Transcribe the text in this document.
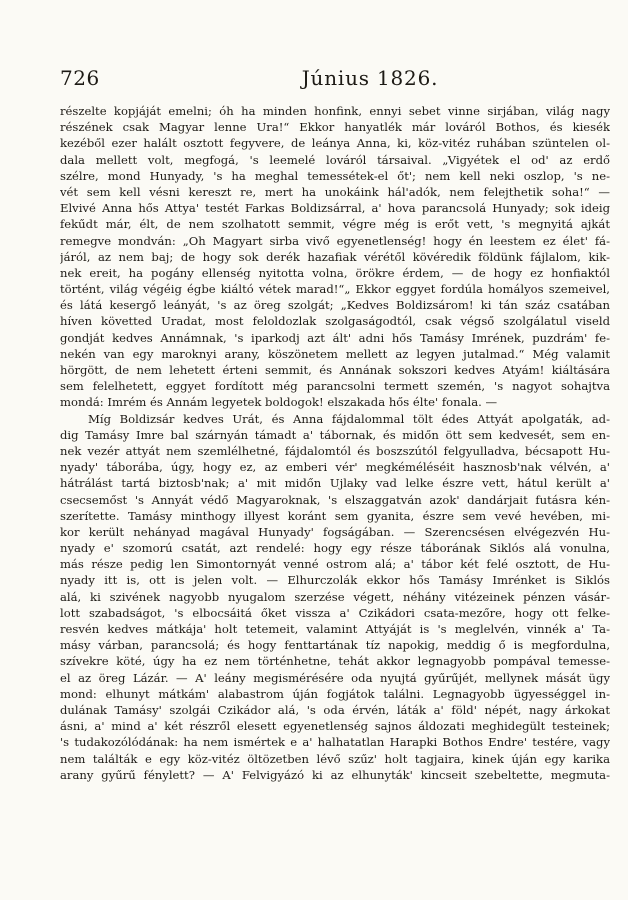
726	Június 1826.
részelte kopjáját emelni; óh ha minden honfink, ennyi sebet vinne sirjában, világ nagy
részének csak Magyar lenne Ura!“ Ekkor hanyatlék már lováról Bothos, és kiesék
kezéből ezer halált osztott fegyvere, de leánya Anna, ki, köz-vitéz ruhában szüntelen ol-
dala mellett volt, megfogá, 's leemelé lováról társaival. „Vigyétek el od' az erdő
szélre, mond Hunyady, 's ha meghal temessétek-el őt'; nem kell neki oszlop, 's ne-
vét sem kell vésni kereszt re, mert ha unokáink hál'adók, nem felejthetik soha!“ —
Elvivé Anna hős Attya' testét Farkas Boldizsárral, a' hova parancsolá Hunyady; sok ideig
fekűdt már, élt, de nem szolhatott semmit, végre még is erőt vett, 's megnyitá ajkát
remegve mondván: „Oh Magyart sirba vivő egyenetlenség! hogy én leestem ez élet' fá-
járól, az nem baj; de hogy sok derék hazafiak vérétől kövéredik földünk fájlalom, kik-
nek ereit, ha pogány ellenség nyitotta volna, örökre érdem, — de hogy ez honfiaktól
történt, világ végéig égbe kiáltó vétek marad!“„ Ekkor eggyet fordúla homályos szemeivel,
és látá kesergő leányát, 's az öreg szolgát; „Kedves Boldizsárom! ki tán száz csatában
híven követted Uradat, most feloldozlak szolgaságodtól, csak végső szolgálatul viseld
gondját kedves Annámnak, 's iparkodj azt ált' adni hős Tamásy Imrének, puzdrám' fe-
nekén van egy maroknyi arany, köszönetem mellett az legyen jutalmad.“ Még valamit
hörgött, de nem lehetett érteni semmit, és Annának sokszori kedves Atyám! kiáltására
sem felelhetett, eggyet fordított még parancsolni termett szemén, 's nagyot sohajtva
mondá: Imrém és Annám legyetek boldogok! elszakada hős élte' fonala. —
Míg Boldizsár kedves Urát, és Anna fájdalommal tölt édes Attyát apolgaták, ad-
dig Tamásy Imre bal szárnyán támadt a' tábornak, és midőn ött sem kedvesét, sem en-
nek vezér attyát nem szemlélhetné, fájdalomtól és boszszútól felgyulladva, bécsapott Hu-
nyady' táborába, úgy, hogy ez, az emberi vér' megkéméléséit hasznosb'nak vélvén, a'
hátrálást tartá biztosb'nak; a' mit midőn Ujlaky vad lelke észre vett, hátul került a'
csecsemőst 's Annyát védő Magyaroknak, 's elszaggatván azok' dandárjait futásra kén-
szerítette. Tamásy minthogy illyest koránt sem gyanita, észre sem vevé hevében, mi-
kor került nehányad magával Hunyady' fogságában. — Szerencsésen elvégezvén Hu-
nyady e' szomorú csatát, azt rendelé: hogy egy része táborának Siklós alá vonulna,
más része pedig len Simontornyát venné ostrom alá; a' tábor két felé osztott, de Hu-
nyady itt is, ott is jelen volt. — Elhurczolák ekkor hős Tamásy Imrénket is Siklós
alá, ki szivének nagyobb nyugalom szerzése végett, néhány vitézeinek pénzen vásár-
lott szabadságot, 's elbocsáitá őket vissza a' Czikádori csata-mezőre, hogy ott felke-
resvén kedves mátkája' holt tetemeit, valamint Attyáját is 's meglelvén, vinnék a' Ta-
másy várban, parancsolá; és hogy fenttartának tíz napokig, meddig ő is megfordulna,
szívekre köté, úgy ha ez nem történhetne, tehát akkor legnagyobb pompával temesse-
el az öreg Lázár. — A' leány megismérésére oda nyujtá gyűrűjét, mellynek mását ügy
mond: elhunyt mátkám' alabastrom úján fogjátok találni. Legnagyobb ügyességgel in-
dulának Tamásy' szolgái Czikádor alá, 's oda érvén, láták a' föld' népét, nagy árkokat
ásni, a' mind a' két részről elesett egyenetlenség sajnos áldozati meghidegült testeinek;
's tudakozólódának: ha nem ismértek e a' halhatatlan Harapki Bothos Endre' testére, vagy
nem találták e egy köz-vitéz öltözetben lévő szűz' holt tagjaira, kinek úján egy karika
arany gyűrű fénylett? — A' Felvigyázó ki az elhunyták' kincseit szebeltette, megmuta-
